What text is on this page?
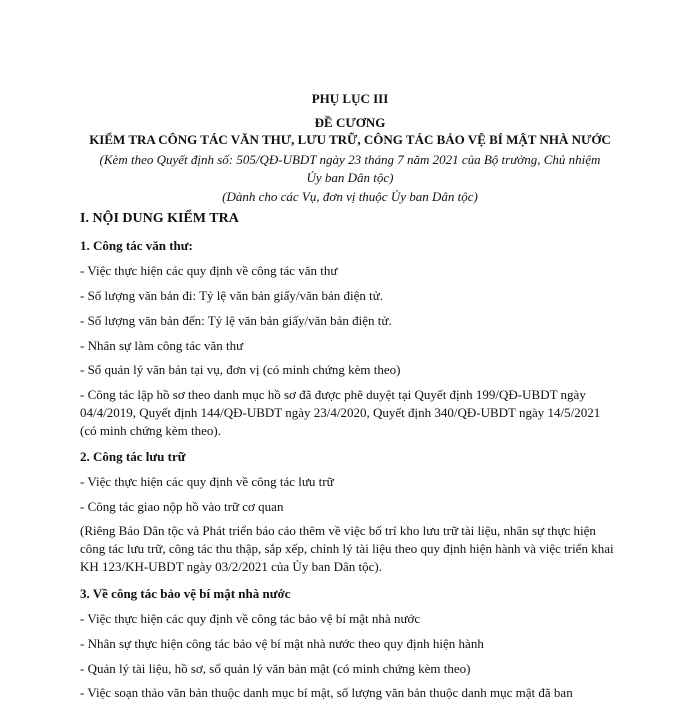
PHỤ LỤC III
ĐỀ CƯƠNG
KIỂM TRA CÔNG TÁC VĂN THƯ, LƯU TRỮ, CÔNG TÁC BẢO VỆ BÍ MẬT NHÀ NƯỚC
(Kèm theo Quyết định số: 505/QĐ-UBDT ngày 23 tháng 7 năm 2021 của Bộ trưởng, Chủ nhiệm
Ủy ban Dân tộc)
(Dành cho các Vụ, đơn vị thuộc Ủy ban Dân tộc)
I. NỘI DUNG KIỂM TRA
1. Công tác văn thư:
- Việc thực hiện các quy định về công tác văn thư
- Số lượng văn bản đi: Tỷ lệ văn bản giấy/văn bản điện tử.
- Số lượng văn bản đến: Tỷ lệ văn bản giấy/văn bản điện tử.
- Nhân sự làm công tác văn thư
- Số quản lý văn bản tại vụ, đơn vị (có minh chứng kèm theo)
- Công tác lập hồ sơ theo danh mục hồ sơ đã được phê duyệt tại Quyết định 199/QĐ-UBDT ngày 04/4/2019, Quyết định 144/QĐ-UBDT ngày 23/4/2020, Quyết định 340/QĐ-UBDT ngày 14/5/2021 (có minh chứng kèm theo).
2. Công tác lưu trữ
- Việc thực hiện các quy định về công tác lưu trữ
- Công tác giao nộp hồ vào trữ cơ quan
(Riêng Báo Dân tộc và Phát triển báo cáo thêm về việc bố trí kho lưu trữ tài liệu, nhân sự thực hiện công tác lưu trữ, công tác thu thập, sắp xếp, chỉnh lý tài liệu theo quy định hiện hành và việc triển khai KH 123/KH-UBDT ngày 03/2/2021 của Ủy ban Dân tộc).
3. Về công tác bảo vệ bí mật nhà nước
- Việc thực hiện các quy định về công tác bảo vệ bí mật nhà nước
- Nhân sự thực hiện công tác bảo vệ bí mật nhà nước theo quy định hiện hành
- Quản lý tài liệu, hồ sơ, sổ quản lý văn bản mật (có minh chứng kèm theo)
- Việc soạn thảo văn bản thuộc danh mục bí mật, số lượng văn bản thuộc danh mục mật đã ban
